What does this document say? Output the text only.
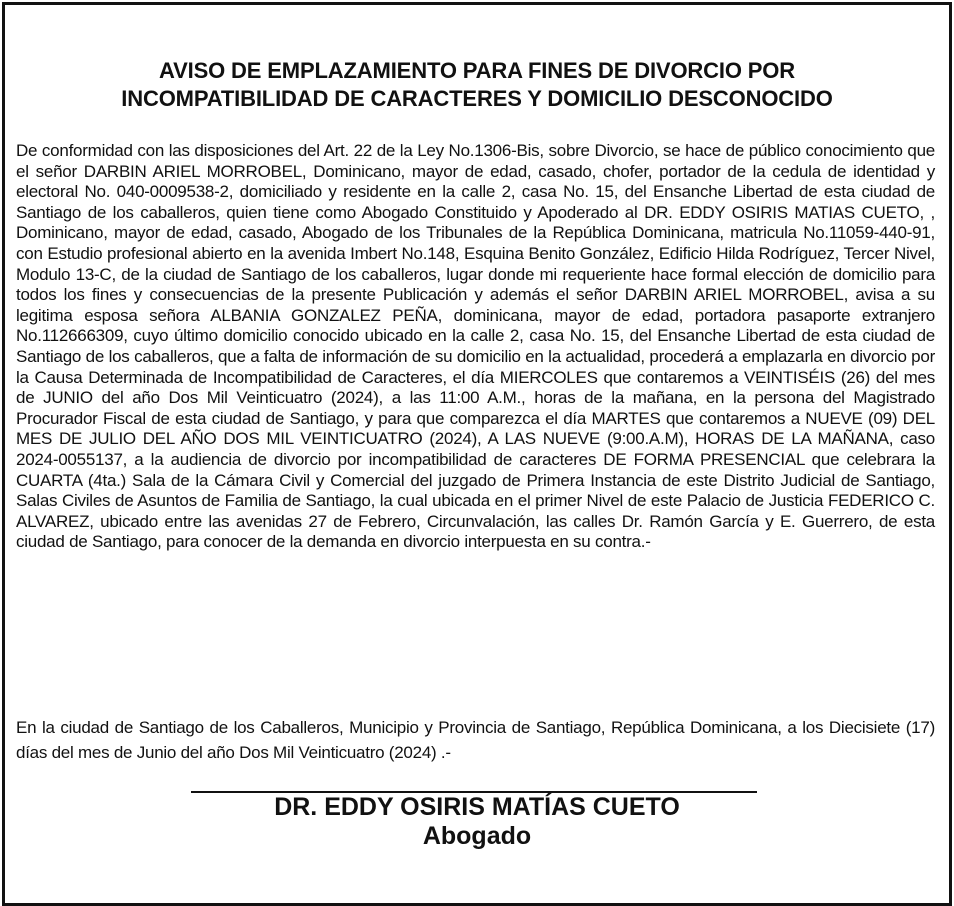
AVISO DE EMPLAZAMIENTO PARA FINES DE DIVORCIO POR
INCOMPATIBILIDAD DE CARACTERES Y DOMICILIO DESCONOCIDO

De conformidad con las disposiciones del Art. 22 de la Ley No.1306-Bis, sobre Divorcio, se hace de público conocimiento que el señor DARBIN ARIEL MORROBEL, Dominicano, mayor de edad, casado, chofer, portador de la cedula de identidad y electoral No. 040-0009538-2, domiciliado y residente en la calle 2, casa No. 15, del Ensanche Libertad de esta ciudad de Santiago de los caballeros, quien tiene como Abogado Constituido y Apoderado al DR. EDDY OSIRIS MATIAS CUETO, , Dominicano, mayor de edad, casado, Abogado de los Tribunales de la República Dominicana, matricula No.11059-440-91, con Estudio profesional abierto en la avenida Imbert No.148, Esquina Benito González, Edificio Hilda Rodríguez, Tercer Nivel, Modulo 13-C, de la ciudad de Santiago de los caballeros, lugar donde mi requeriente hace formal elección de domicilio para todos los fines y consecuencias de la presente Publicación y además el señor DARBIN ARIEL MORROBEL, avisa a su legitima esposa señora ALBANIA GONZALEZ PEÑA, dominicana, mayor de edad, portadora pasaporte extranjero No.112666309, cuyo último domicilio conocido ubicado en la calle 2, casa No. 15, del Ensanche Libertad de esta ciudad de Santiago de los caballeros, que a falta de información de su domicilio en la actualidad, procederá a emplazarla en divorcio por la Causa Determinada de Incompatibilidad de Caracteres, el día MIERCOLES que contaremos a VEINTISÉIS (26) del mes de JUNIO del año Dos Mil Veinticuatro (2024), a las 11:00 A.M., horas de la mañana, en la persona del Magistrado Procurador Fiscal de esta ciudad de Santiago, y para que comparezca el día MARTES que contaremos a NUEVE (09) DEL MES DE JULIO DEL AÑO DOS MIL VEINTICUATRO (2024), A LAS NUEVE (9:00.A.M), HORAS DE LA MAÑANA, caso 2024-0055137, a la audiencia de divorcio por incompatibilidad de caracteres DE FORMA PRESENCIAL que celebrara la CUARTA (4ta.) Sala de la Cámara Civil y Comercial del juzgado de Primera Instancia de este Distrito Judicial de Santiago, Salas Civiles de Asuntos de Familia de Santiago, la cual ubicada en el primer Nivel de este Palacio de Justicia FEDERICO C. ALVAREZ, ubicado entre las avenidas 27 de Febrero, Circunvalación, las calles Dr. Ramón García y E. Guerrero, de esta ciudad de Santiago, para conocer de la demanda en divorcio interpuesta en su contra.-

En la ciudad de Santiago de los Caballeros, Municipio y Provincia de Santiago, República Dominicana, a los Diecisiete (17) días del mes de Junio del año Dos Mil Veinticuatro (2024) .-

DR. EDDY OSIRIS MATÍAS CUETO
Abogado
